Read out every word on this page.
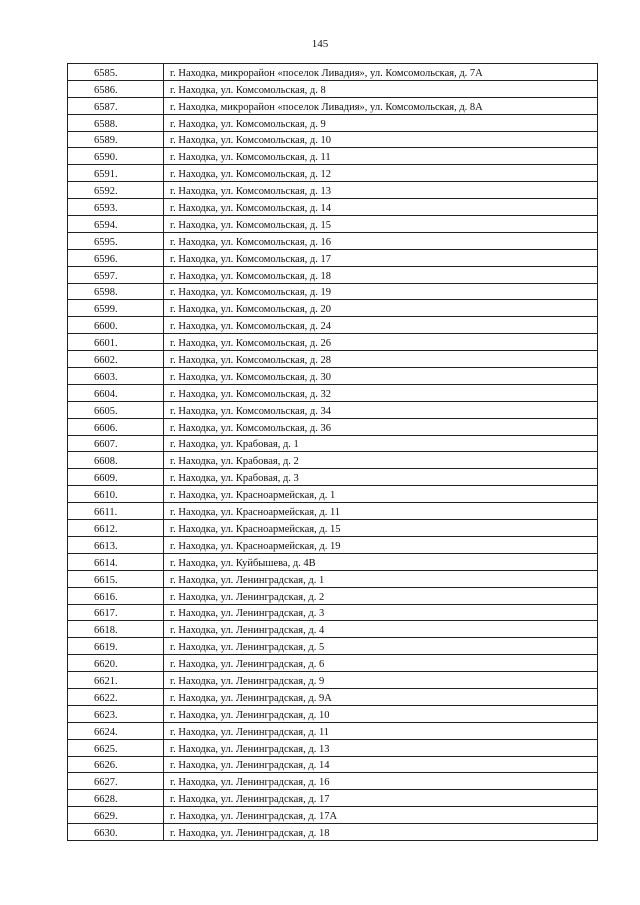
145
6585.	г. Находка, микрорайон «поселок Ливадия», ул. Комсомольская, д. 7А
6586.	г. Находка, ул. Комсомольская, д. 8
6587.	г. Находка, микрорайон «поселок Ливадия», ул. Комсомольская, д. 8А
6588.	г. Находка, ул. Комсомольская, д. 9
6589.	г. Находка, ул. Комсомольская, д. 10
6590.	г. Находка, ул. Комсомольская, д. 11
6591.	г. Находка, ул. Комсомольская, д. 12
6592.	г. Находка, ул. Комсомольская, д. 13
6593.	г. Находка, ул. Комсомольская, д. 14
6594.	г. Находка, ул. Комсомольская, д. 15
6595.	г. Находка, ул. Комсомольская, д. 16
6596.	г. Находка, ул. Комсомольская, д. 17
6597.	г. Находка, ул. Комсомольская, д. 18
6598.	г. Находка, ул. Комсомольская, д. 19
6599.	г. Находка, ул. Комсомольская, д. 20
6600.	г. Находка, ул. Комсомольская, д. 24
6601.	г. Находка, ул. Комсомольская, д. 26
6602.	г. Находка, ул. Комсомольская, д. 28
6603.	г. Находка, ул. Комсомольская, д. 30
6604.	г. Находка, ул. Комсомольская, д. 32
6605.	г. Находка, ул. Комсомольская, д. 34
6606.	г. Находка, ул. Комсомольская, д. 36
6607.	г. Находка, ул. Крабовая, д. 1
6608.	г. Находка, ул. Крабовая, д. 2
6609.	г. Находка, ул. Крабовая, д. 3
6610.	г. Находка, ул. Красноармейская, д. 1
6611.	г. Находка, ул. Красноармейская, д. 11
6612.	г. Находка, ул. Красноармейская, д. 15
6613.	г. Находка, ул. Красноармейская, д. 19
6614.	г. Находка, ул. Куйбышева, д. 4В
6615.	г. Находка, ул. Ленинградская, д. 1
6616.	г. Находка, ул. Ленинградская, д. 2
6617.	г. Находка, ул. Ленинградская, д. 3
6618.	г. Находка, ул. Ленинградская, д. 4
6619.	г. Находка, ул. Ленинградская, д. 5
6620.	г. Находка, ул. Ленинградская, д. 6
6621.	г. Находка, ул. Ленинградская, д. 9
6622.	г. Находка, ул. Ленинградская, д. 9А
6623.	г. Находка, ул. Ленинградская, д. 10
6624.	г. Находка, ул. Ленинградская, д. 11
6625.	г. Находка, ул. Ленинградская, д. 13
6626.	г. Находка, ул. Ленинградская, д. 14
6627.	г. Находка, ул. Ленинградская, д. 16
6628.	г. Находка, ул. Ленинградская, д. 17
6629.	г. Находка, ул. Ленинградская, д. 17А
6630.	г. Находка, ул. Ленинградская, д. 18
